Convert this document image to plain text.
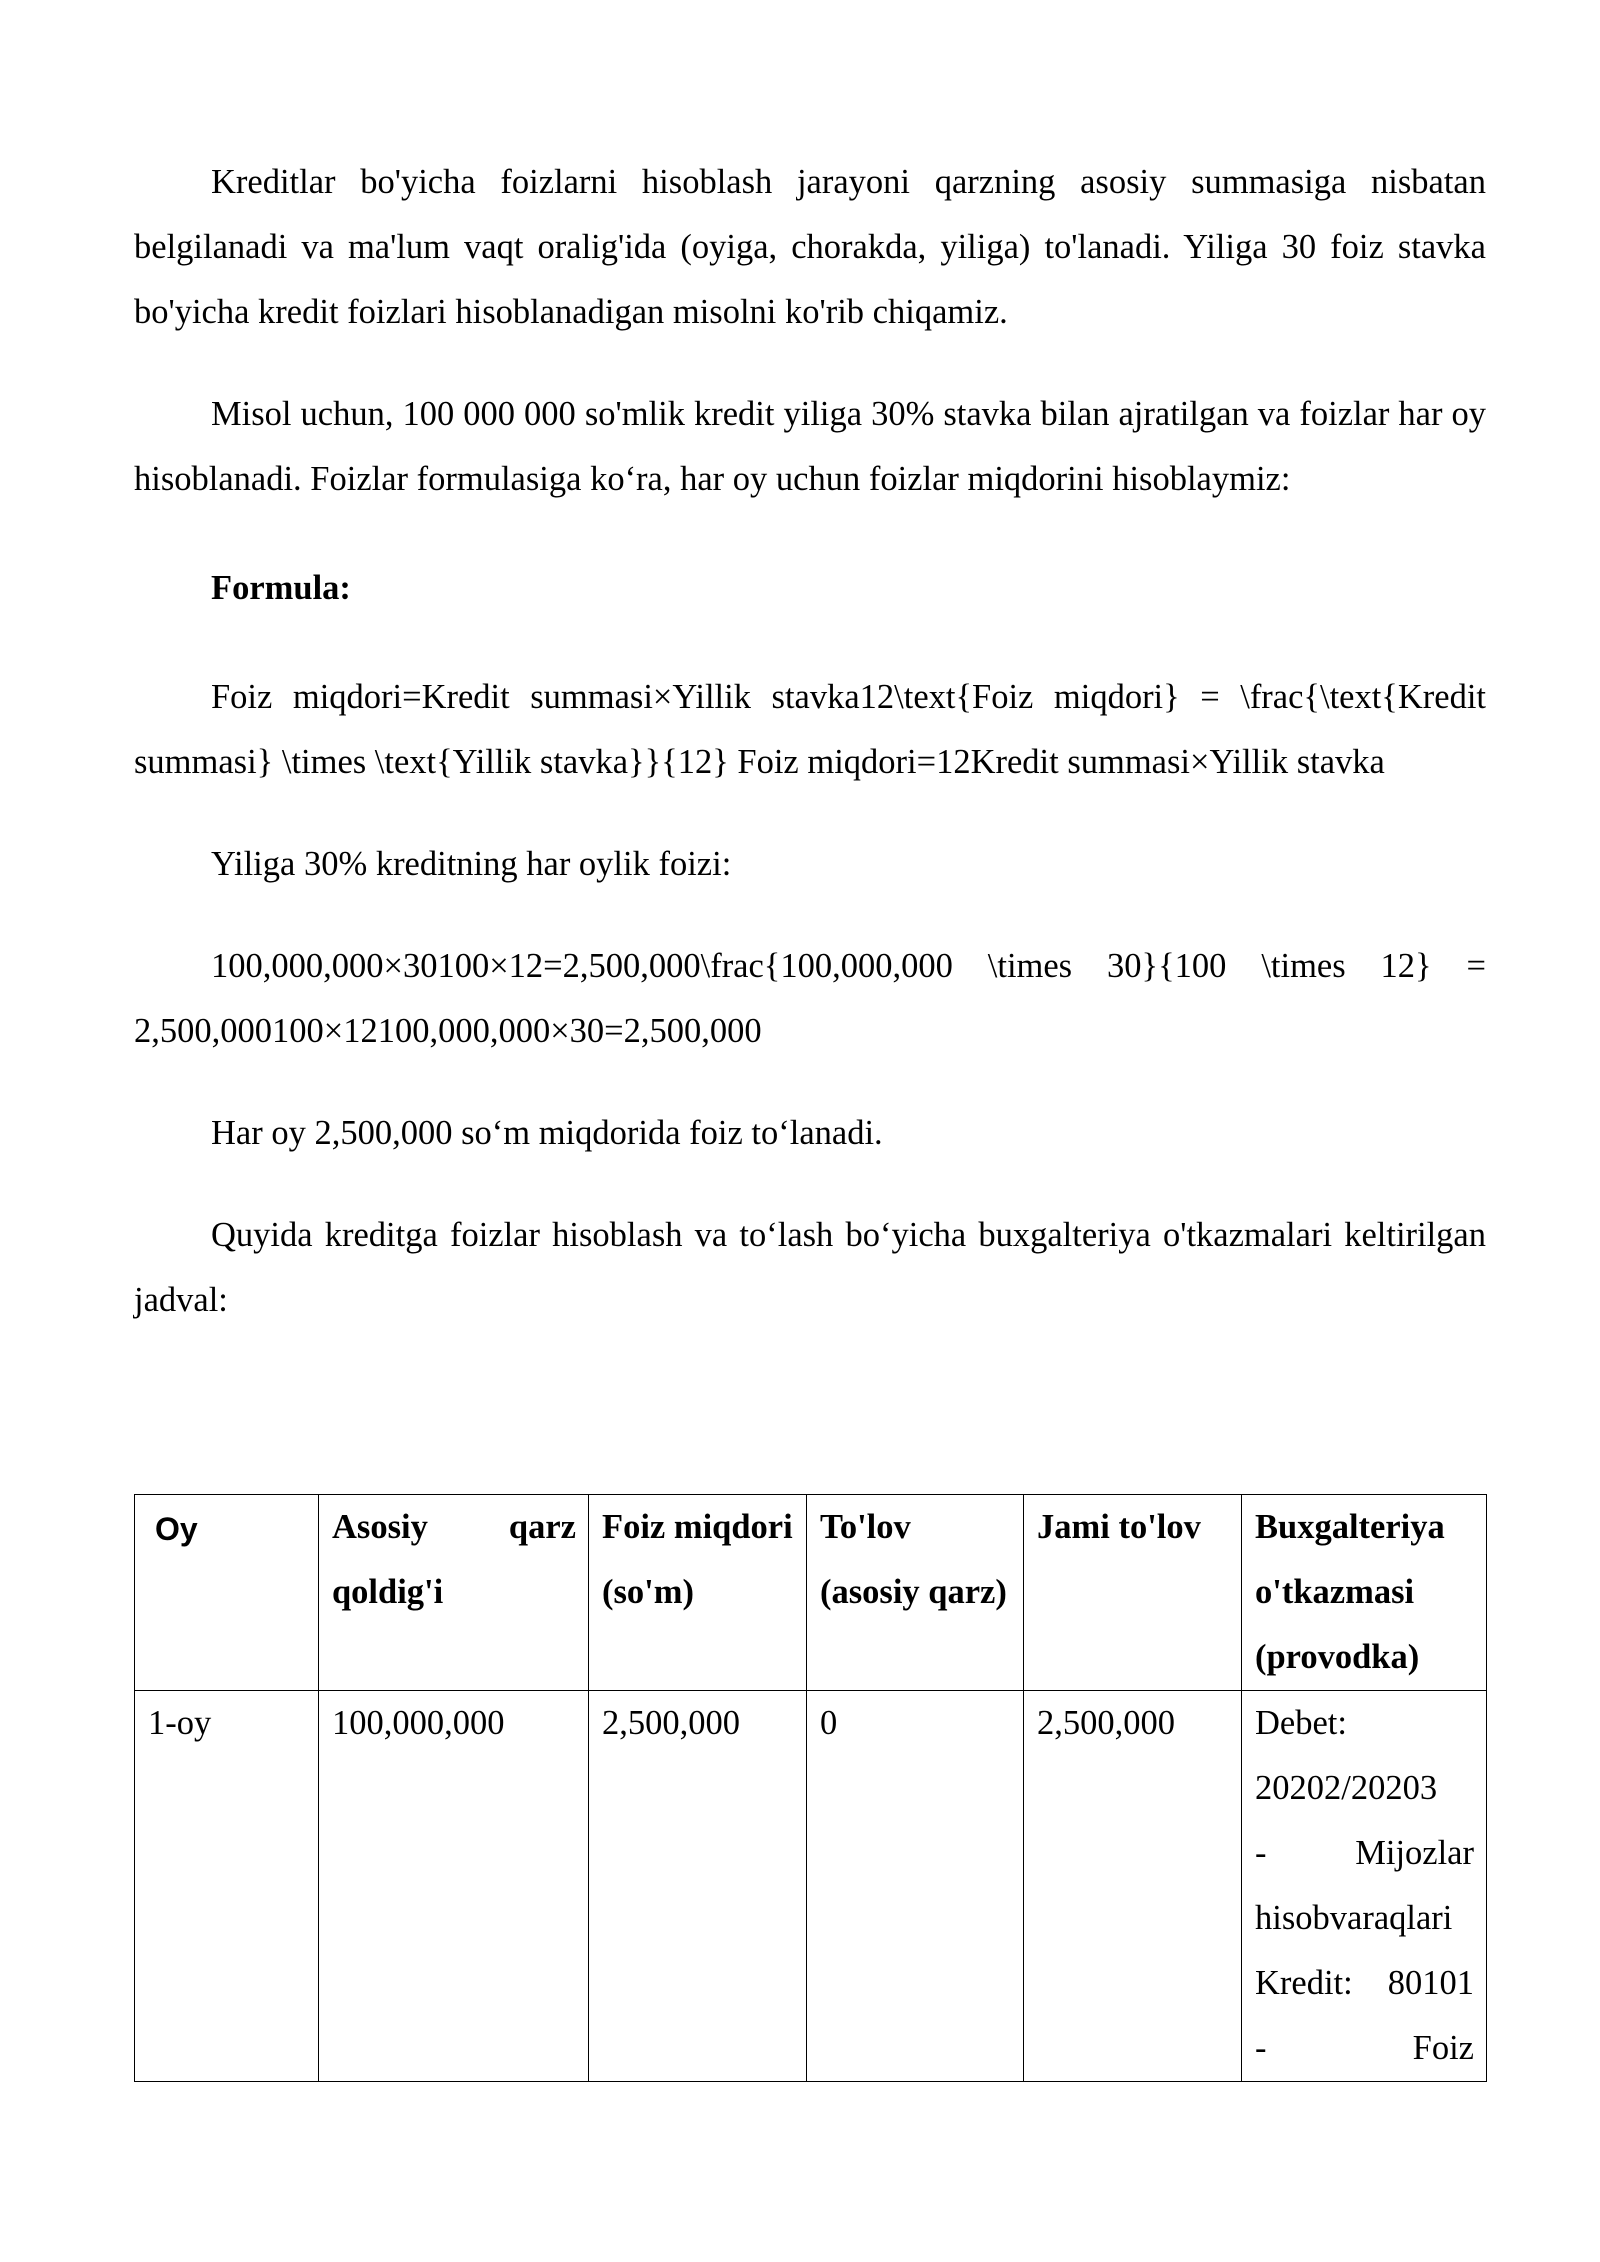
Kreditlar bo'yicha foizlarni hisoblash jarayoni qarzning asosiy summasiga nisbatan belgilanadi va ma'lum vaqt oralig'ida (oyiga, chorakda, yiliga) to'lanadi. Yiliga 30 foiz stavka bo'yicha kredit foizlari hisoblanadigan misolni ko'rib chiqamiz.

Misol uchun, 100 000 000 so'mlik kredit yiliga 30% stavka bilan ajratilgan va foizlar har oy hisoblanadi. Foizlar formulasiga ko‘ra, har oy uchun foizlar miqdorini hisoblaymiz:

Formula:

Foiz miqdori=Kredit summasi×Yillik stavka12\text{Foiz miqdori} = \frac{\text{Kredit summasi} \times \text{Yillik stavka}}{12} Foiz miqdori=12Kredit summasi×Yillik stavka

Yiliga 30% kreditning har oylik foizi:

100,000,000×30100×12=2,500,000\frac{100,000,000 \times 30}{100 \times 12} = 2,500,000100×12100,000,000×30=2,500,000

Har oy 2,500,000 so‘m miqdorida foiz to‘lanadi.

Quyida kreditga foizlar hisoblash va to‘lash bo‘yicha buxgalteriya o'tkazmalari keltirilgan jadval:

Oy	Asosiy qarz qoldig'i	Foiz miqdori (so'm)	To'lov (asosiy qarz)	Jami to'lov	Buxgalteriya o'tkazmasi (provodka)
1-oy	100,000,000	2,500,000	0	2,500,000	Debet:
20202/20203
- Mijozlar hisobvaraqlari
Kredit: 80101
- Foiz
